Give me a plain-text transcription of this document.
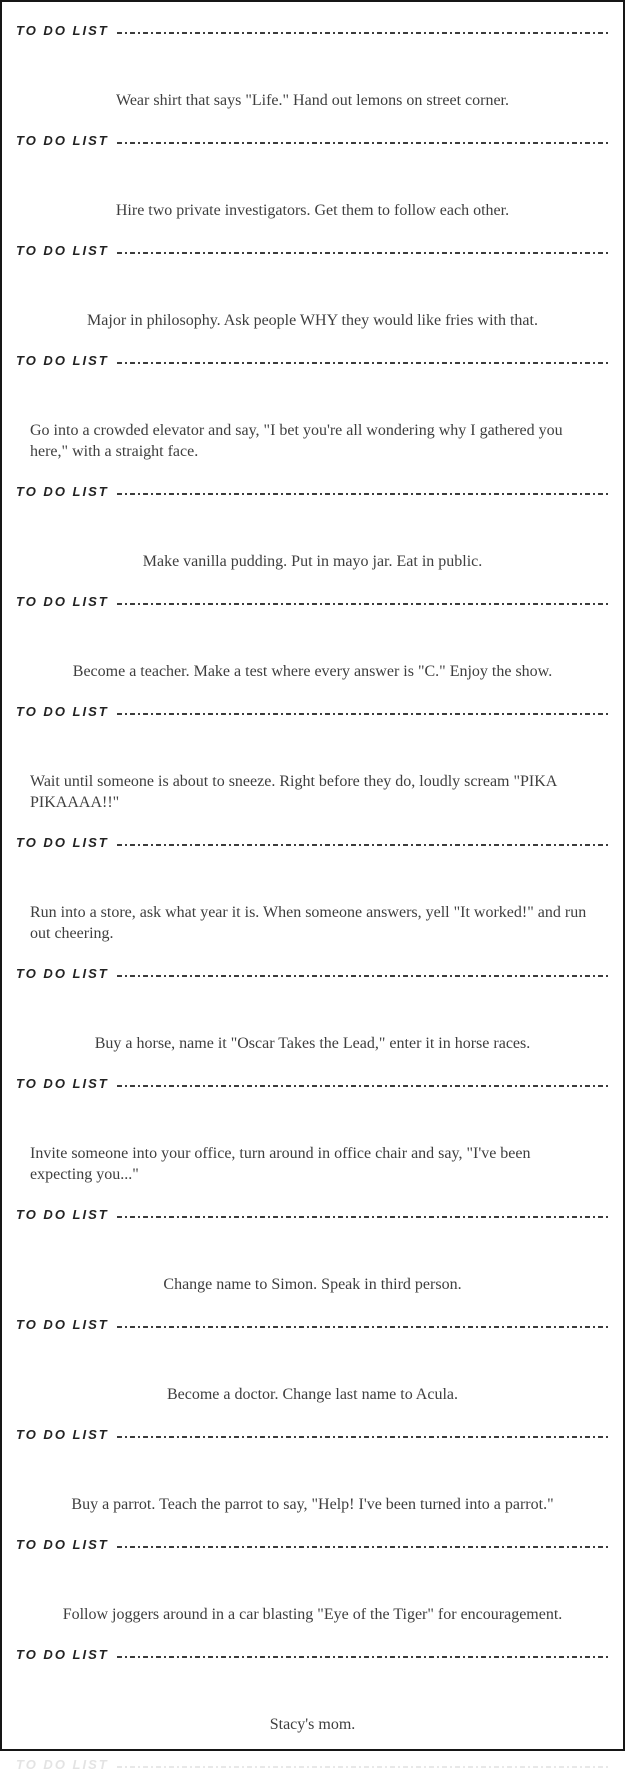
TO DO LIST

Wear shirt that says "Life." Hand out lemons on street corner.

TO DO LIST

Hire two private investigators. Get them to follow each other.

TO DO LIST

Major in philosophy. Ask people WHY they would like fries with that.

TO DO LIST

Go into a crowded elevator and say, "I bet you're all wondering why I gathered you here," with a straight face.

TO DO LIST

Make vanilla pudding. Put in mayo jar. Eat in public.

TO DO LIST

Become a teacher. Make a test where every answer is "C." Enjoy the show.

TO DO LIST

Wait until someone is about to sneeze. Right before they do, loudly scream "PIKA PIKAAAA!!"

TO DO LIST

Run into a store, ask what year it is. When someone answers, yell "It worked!" and run out cheering.

TO DO LIST

Buy a horse, name it "Oscar Takes the Lead," enter it in horse races.

TO DO LIST

Invite someone into your office, turn around in office chair and say, "I've been expecting you..."

TO DO LIST

Change name to Simon. Speak in third person.

TO DO LIST

Become a doctor. Change last name to Acula.

TO DO LIST

Buy a parrot. Teach the parrot to say, "Help! I've been turned into a parrot."

TO DO LIST

Follow joggers around in a car blasting "Eye of the Tiger" for encouragement.

TO DO LIST

Stacy's mom.

TO DO LIST
